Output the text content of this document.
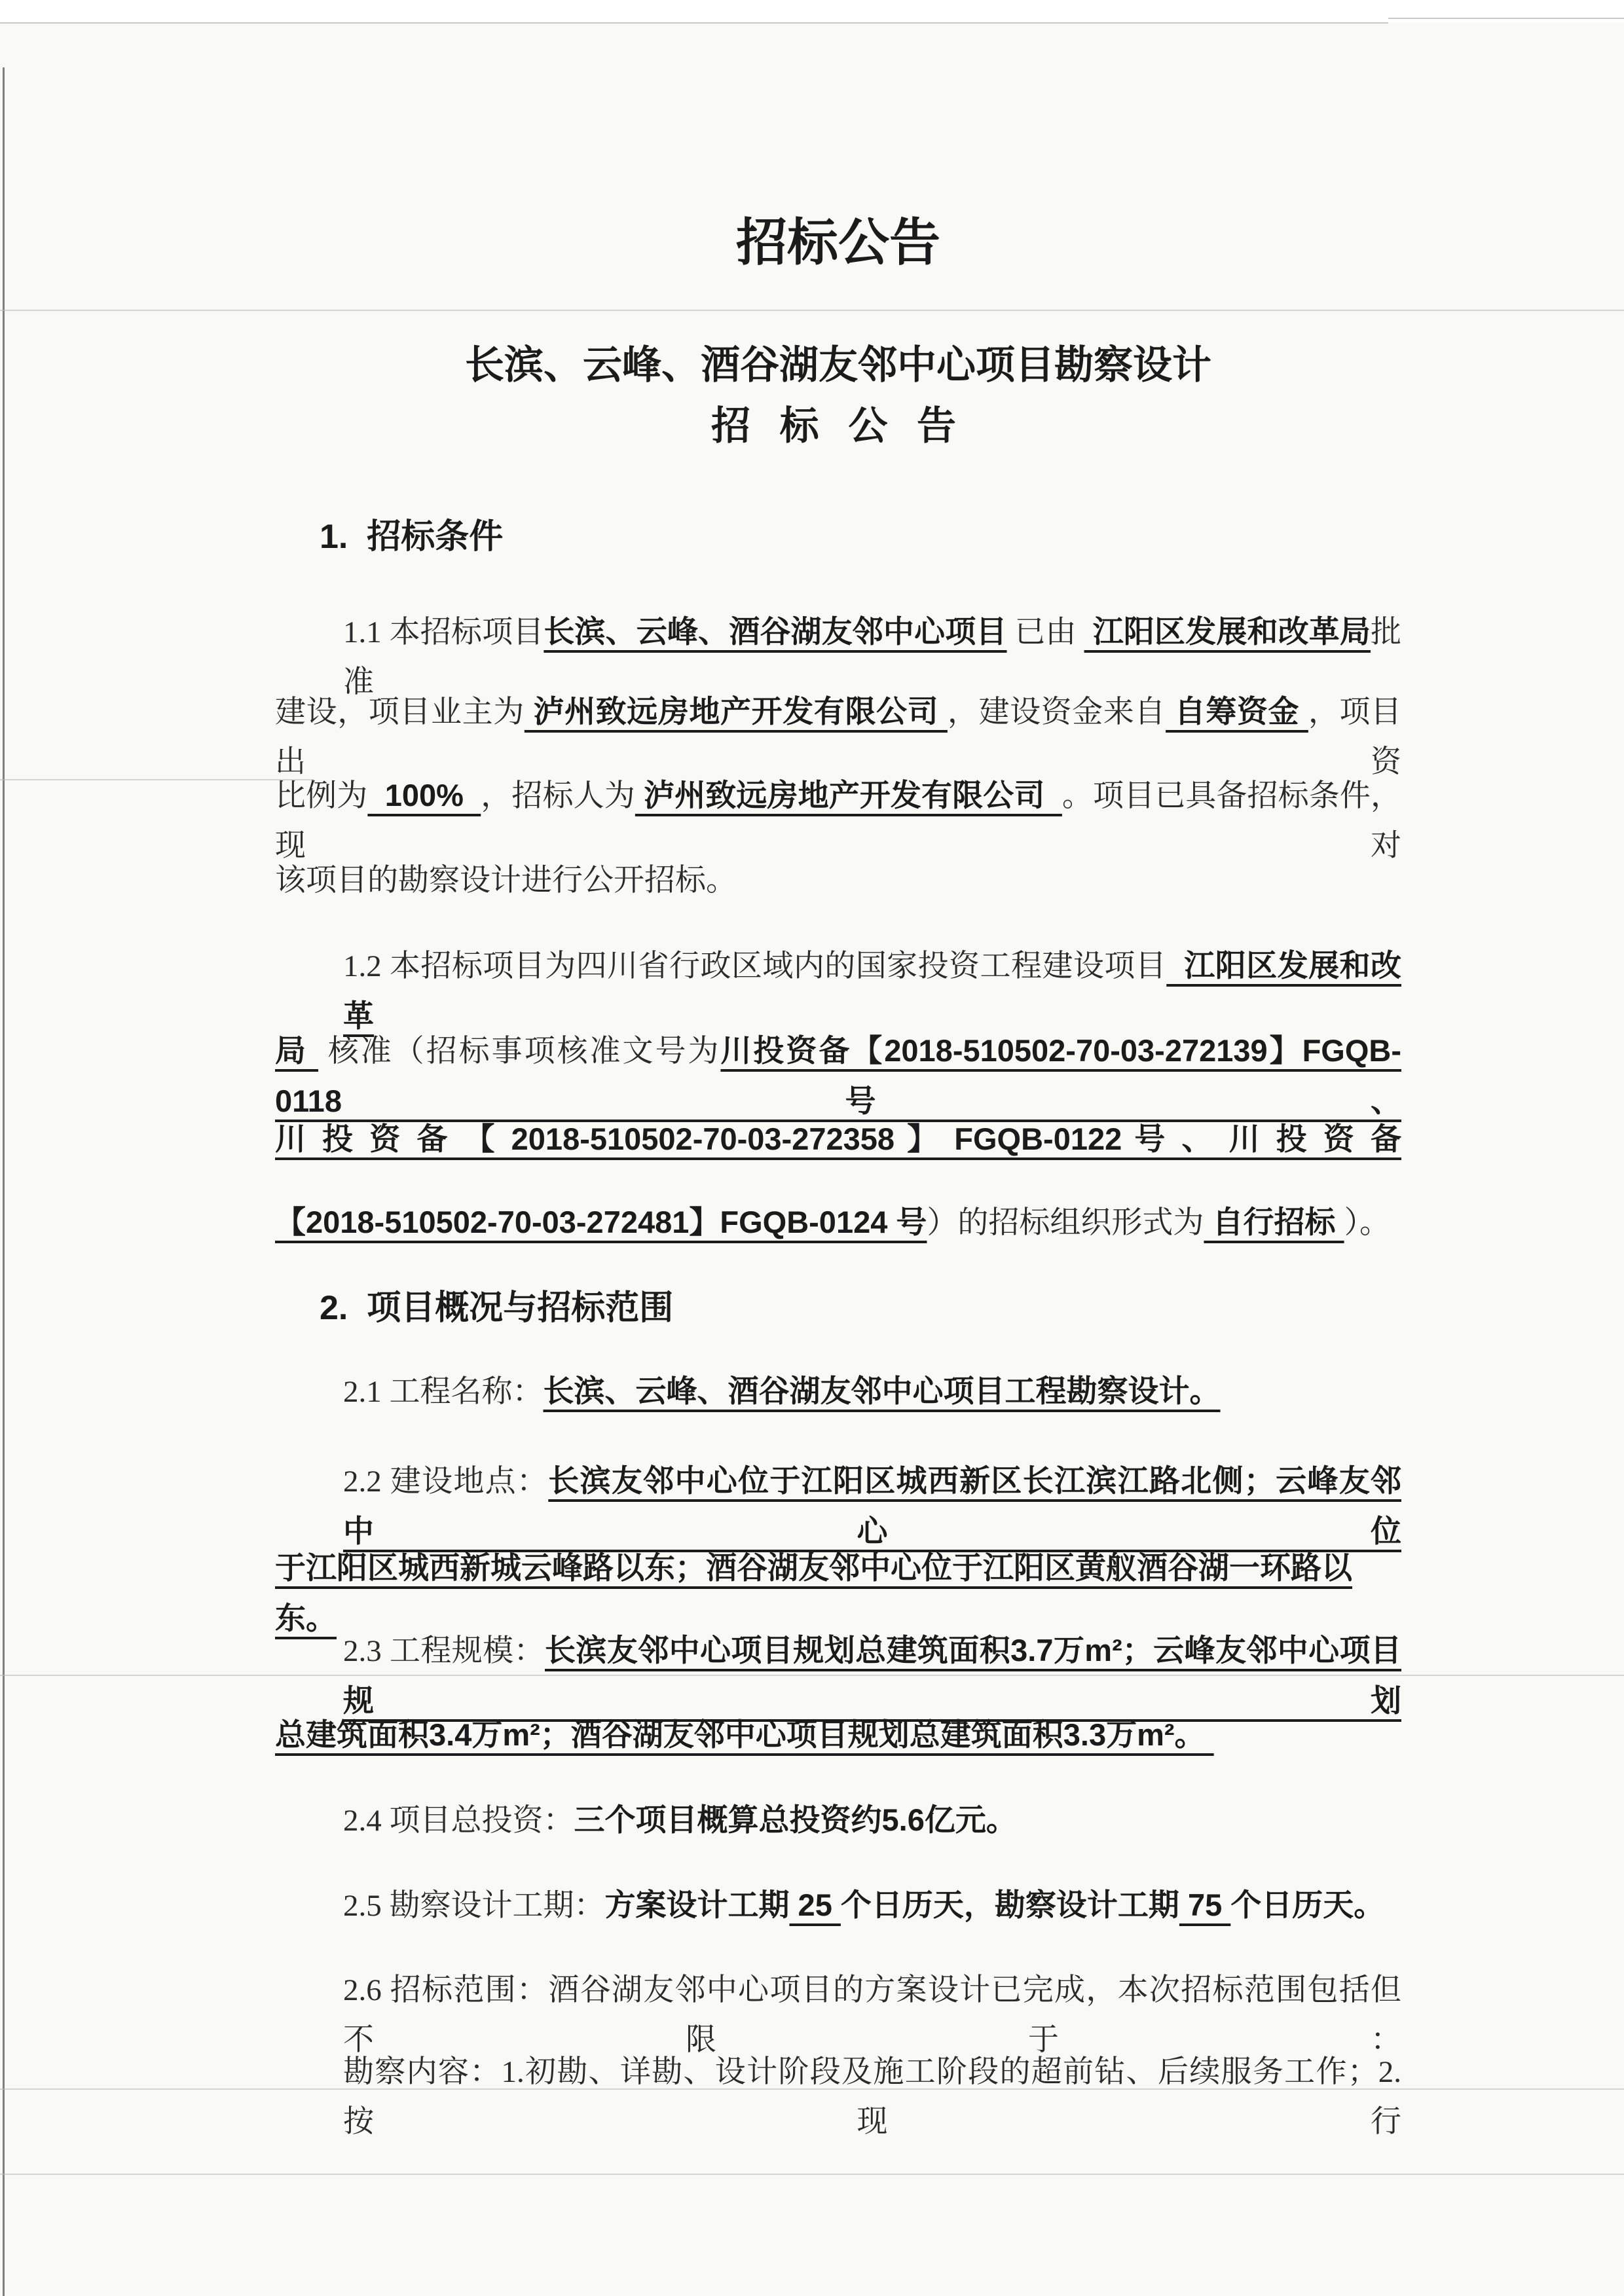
招标公告
长滨、云峰、酒谷湖友邻中心项目勘察设计
招 标 公 告
1.  招标条件
1.1 本招标项目长滨、云峰、酒谷湖友邻中心项目 已由  江阳区发展和改革局批准
建设，项目业主为 泸州致远房地产开发有限公司 ，建设资金来自 自筹资金 ，项目出资
比例为  100%  ，招标人为 泸州致远房地产开发有限公司  。项目已具备招标条件，现对
该项目的勘察设计进行公开招标。
1.2 本招标项目为四川省行政区域内的国家投资工程建设项目  江阳区发展和改革
局  核准（招标事项核准文号为川投资备【2018-510502-70-03-272139】FGQB-0118 号、
川 投 资 备 【 2018-510502-70-03-272358 】 FGQB-0122 号 、 川 投 资 备
【2018-510502-70-03-272481】FGQB-0124 号）的招标组织形式为 自行招标 ）。
2.  项目概况与招标范围
2.1 工程名称：长滨、云峰、酒谷湖友邻中心项目工程勘察设计。
2.2 建设地点：长滨友邻中心位于江阳区城西新区长江滨江路北侧；云峰友邻中心位
于江阳区城西新城云峰路以东；酒谷湖友邻中心位于江阳区黄舣酒谷湖一环路以东。
2.3 工程规模：长滨友邻中心项目规划总建筑面积3.7万m²；云峰友邻中心项目规划
总建筑面积3.4万m²；酒谷湖友邻中心项目规划总建筑面积3.3万m²。
2.4 项目总投资：三个项目概算总投资约5.6亿元。
2.5 勘察设计工期：方案设计工期 25 个日历天，勘察设计工期 75 个日历天。
2.6 招标范围：酒谷湖友邻中心项目的方案设计已完成，本次招标范围包括但不限于：
勘察内容：1.初勘、详勘、设计阶段及施工阶段的超前钻、后续服务工作；2.按现行
